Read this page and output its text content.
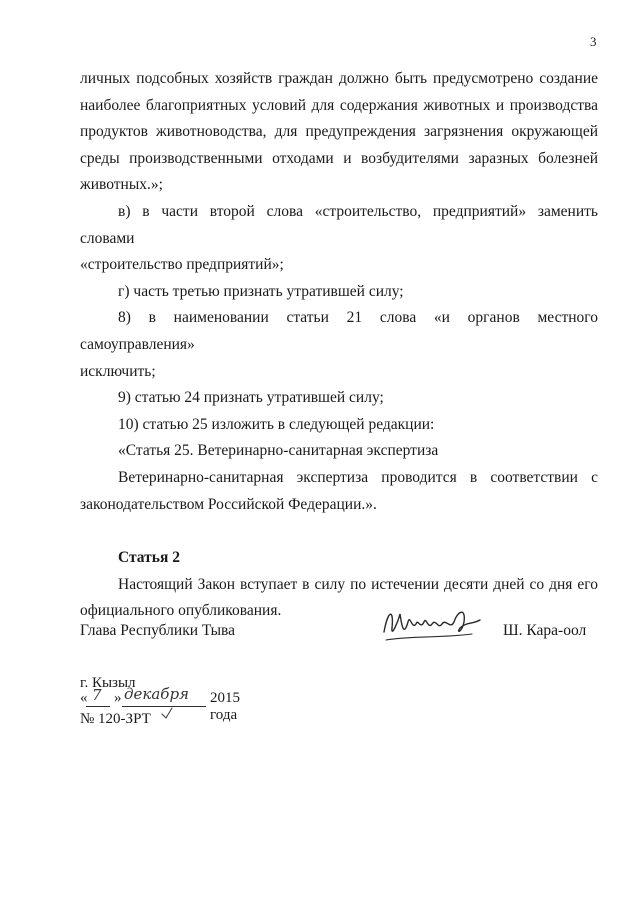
3

личных подсобных хозяйств граждан должно быть предусмотрено создание

наиболее благоприятных условий для содержания животных и производства

продуктов животноводства, для предупреждения загрязнения окружающей

среды производственными отходами и возбудителями заразных болезней

животных.»;

в) в части второй слова «строительство, предприятий» заменить словами

«строительство предприятий»;

г) часть третью признать утратившей силу;

8) в наименовании статьи 21 слова «и органов местного самоуправления»

исключить;

9) статью 24 признать утратившей силу;

10) статью 25 изложить в следующей редакции:

«Статья 25. Ветеринарно-санитарная экспертиза

Ветеринарно-санитарная экспертиза проводится в соответствии с

законодательством Российской Федерации.».

Статья 2

Настоящий Закон вступает в силу по истечении десяти дней со дня его

официального опубликования.

Глава Республики Тыва	Ш. Кара-оол
г. Кызыл
« 7 » декабря 2015 года
№ 120-ЗРТ
